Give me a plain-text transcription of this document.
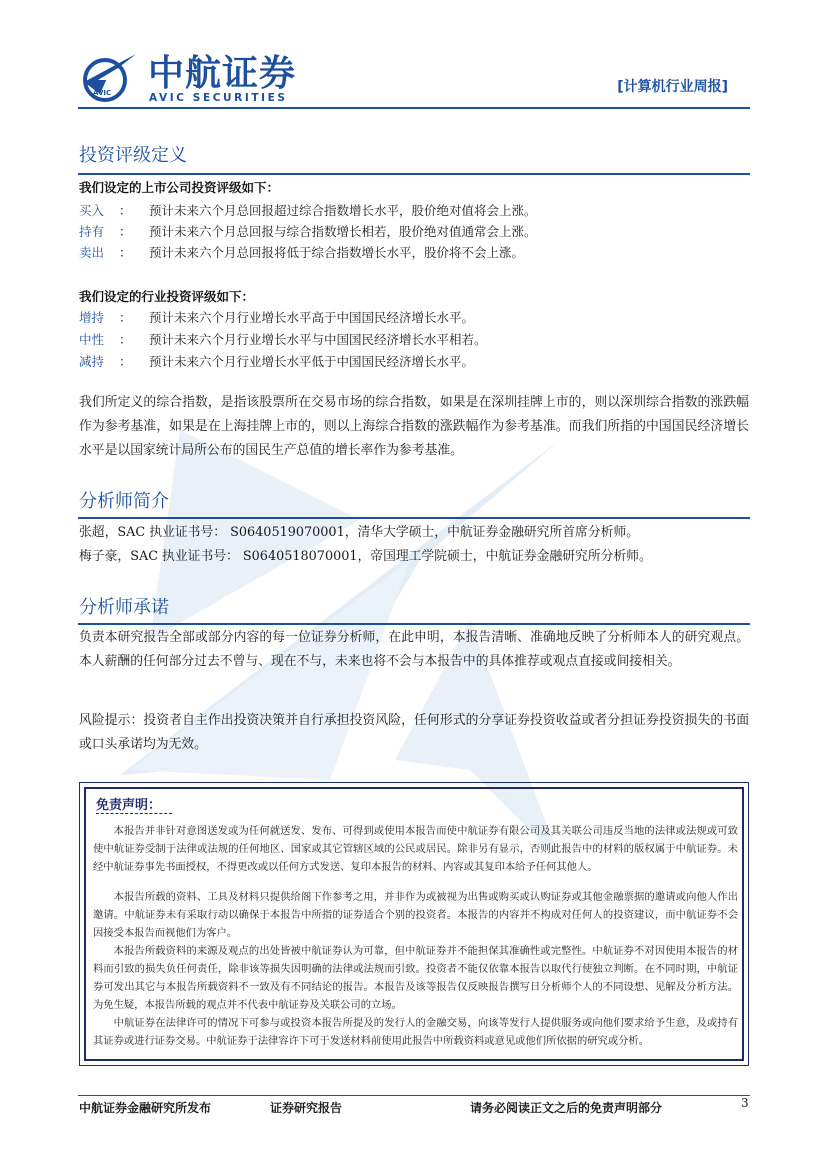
AVIC 中航证券
AVIC SECURITIES
[计算机行业周报]
投资评级定义
我们设定的上市公司投资评级如下：
买入 ： 预计未来六个月总回报超过综合指数增长水平，股价绝对值将会上涨。
持有 ： 预计未来六个月总回报与综合指数增长相若，股价绝对值通常会上涨。
卖出 ： 预计未来六个月总回报将低于综合指数增长水平，股价将不会上涨。
我们设定的行业投资评级如下：
增持 ： 预计未来六个月行业增长水平高于中国国民经济增长水平。
中性 ： 预计未来六个月行业增长水平与中国国民经济增长水平相若。
减持 ： 预计未来六个月行业增长水平低于中国国民经济增长水平。
我们所定义的综合指数，是指该股票所在交易市场的综合指数，如果是在深圳挂牌上市的，则以深圳综合指数的涨跌幅作为参考基准，如果是在上海挂牌上市的，则以上海综合指数的涨跌幅作为参考基准。而我们所指的中国国民经济增长水平是以国家统计局所公布的国民生产总值的增长率作为参考基准。
分析师简介
张超，SAC 执业证书号： S0640519070001，清华大学硕士，中航证券金融研究所首席分析师。
梅子豪，SAC 执业证书号： S0640518070001，帝国理工学院硕士，中航证券金融研究所分析师。
分析师承诺
负责本研究报告全部或部分内容的每一位证券分析师，在此申明，本报告清晰、准确地反映了分析师本人的研究观点。本人薪酬的任何部分过去不曾与、现在不与，未来也将不会与本报告中的具体推荐或观点直接或间接相关。
风险提示：投资者自主作出投资决策并自行承担投资风险，任何形式的分享证券投资收益或者分担证券投资损失的书面或口头承诺均为无效。
免责声明：
本报告并非针对意图送发或为任何就送发、发布、可得到或使用本报告而使中航证券有限公司及其关联公司违反当地的法律或法规或可致使中航证券受制于法律或法规的任何地区、国家或其它管辖区域的公民或居民。除非另有显示，否则此报告中的材料的版权属于中航证券。未经中航证券事先书面授权，不得更改或以任何方式发送、复印本报告的材料、内容或其复印本给予任何其他人。
本报告所载的资料、工具及材料只提供给阁下作参考之用，并非作为或被视为出售或购买或认购证券或其他金融票据的邀请或向他人作出邀请。中航证券未有采取行动以确保于本报告中所指的证券适合个别的投资者。本报告的内容并不构成对任何人的投资建议，而中航证券不会因接受本报告而视他们为客户。
本报告所载资料的来源及观点的出处皆被中航证券认为可靠，但中航证券并不能担保其准确性或完整性。中航证券不对因使用本报告的材料而引致的损失负任何责任，除非该等损失因明确的法律或法规而引致。投资者不能仅依靠本报告以取代行使独立判断。在不同时期，中航证券可发出其它与本报告所载资料不一致及有不同结论的报告。本报告及该等报告仅反映报告撰写日分析师个人的不同设想、见解及分析方法。为免生疑，本报告所载的观点并不代表中航证券及关联公司的立场。
中航证券在法律许可的情况下可参与或投资本报告所提及的发行人的金融交易，向该等发行人提供服务或向他们要求给予生意，及或持有其证券或进行证券交易。中航证券于法律容许下可于发送材料前使用此报告中所载资料或意见或他们所依据的研究或分析。
中航证券金融研究所发布	证券研究报告	请务必阅读正文之后的免责声明部分	3
